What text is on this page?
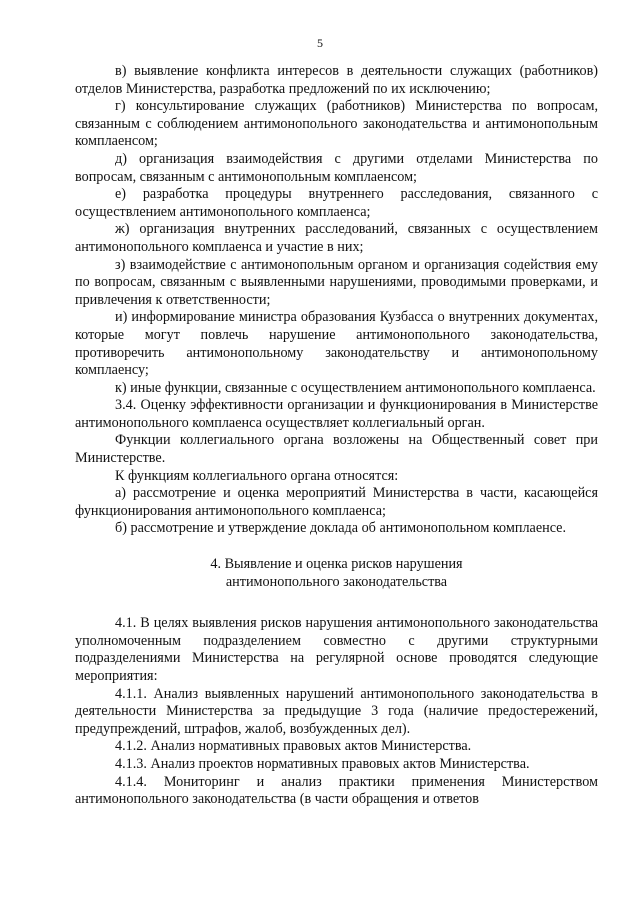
5

в) выявление конфликта интересов в деятельности служащих (работников) отделов Министерства, разработка предложений по их исключению;

г) консультирование служащих (работников) Министерства по вопросам, связанным с соблюдением антимонопольного законодательства и антимонопольным комплаенсом;

д) организация взаимодействия с другими отделами Министерства по вопросам, связанным с антимонопольным комплаенсом;

е) разработка процедуры внутреннего расследования, связанного с осуществлением антимонопольного комплаенса;

ж) организация внутренних расследований, связанных с осуществлением антимонопольного комплаенса и участие в них;

з) взаимодействие с антимонопольным органом и организация содействия ему по вопросам, связанным с выявленными нарушениями, проводимыми проверками, и привлечения к ответственности;

и) информирование министра образования Кузбасса о внутренних документах, которые могут повлечь нарушение антимонопольного законодательства, противоречить антимонопольному законодательству и антимонопольному комплаенсу;

к) иные функции, связанные с осуществлением антимонопольного комплаенса.

3.4. Оценку эффективности организации и функционирования в Министерстве антимонопольного комплаенса осуществляет коллегиальный орган.

Функции коллегиального органа возложены на Общественный совет при Министерстве.

К функциям коллегиального органа относятся:

а) рассмотрение и оценка мероприятий Министерства в части, касающейся функционирования антимонопольного комплаенса;

б) рассмотрение и утверждение доклада об антимонопольном комплаенсе.

4. Выявление и оценка рисков нарушения

антимонопольного законодательства

4.1. В целях выявления рисков нарушения антимонопольного законодательства уполномоченным подразделением совместно с другими структурными подразделениями Министерства на регулярной основе проводятся следующие мероприятия:

4.1.1. Анализ выявленных нарушений антимонопольного законодательства в деятельности Министерства за предыдущие 3 года (наличие предостережений, предупреждений, штрафов, жалоб, возбужденных дел).

4.1.2. Анализ нормативных правовых актов Министерства.

4.1.3. Анализ проектов нормативных правовых актов Министерства.

4.1.4. Мониторинг и анализ практики применения Министерством антимонопольного законодательства (в части обращения и ответов
